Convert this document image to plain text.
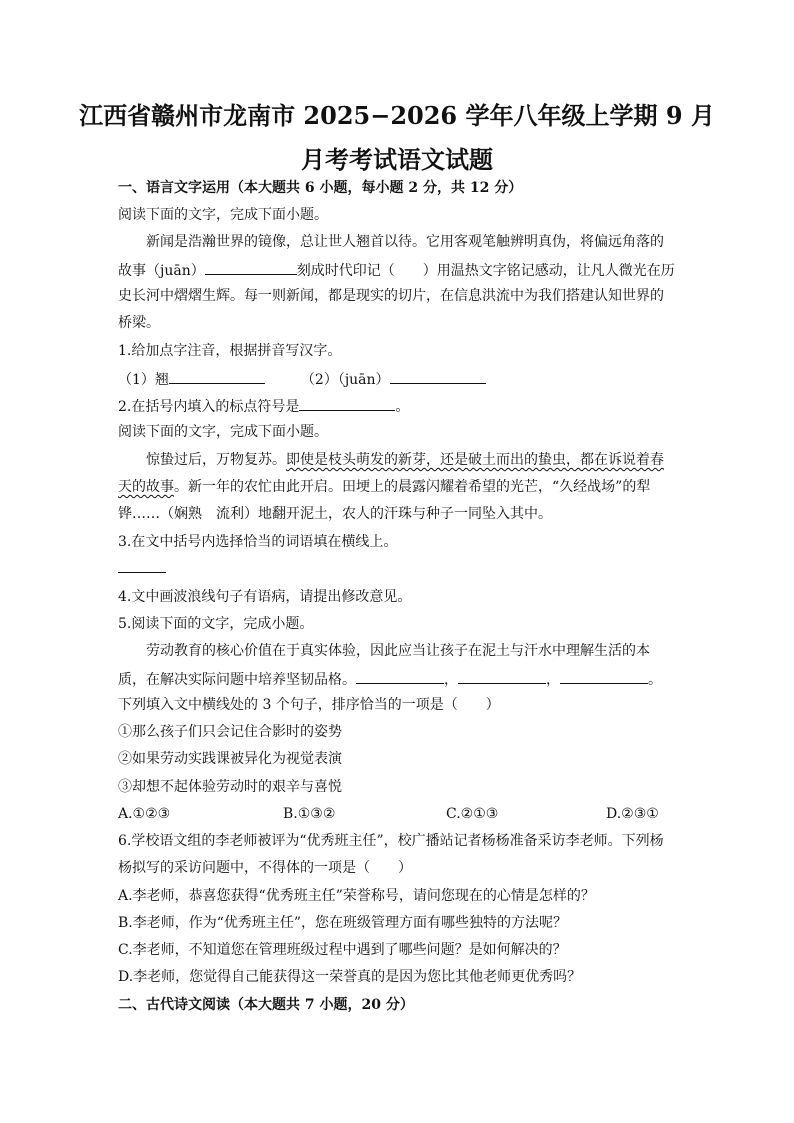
江西省赣州市龙南市 2025−2026 学年八年级上学期 9 月
月考考试语文试题
一、语言文字运用（本大题共 6 小题，每小题 2 分，共 12 分）
阅读下面的文字，完成下面小题。
新闻是浩瀚世界的镜像，总让世人翘首以待。它用客观笔触辨明真伪，将偏远角落的
故事（juān）	刻成时代印记（　　）用温热文字铭记感动，让凡人微光在历
史长河中熠熠生辉。每一则新闻，都是现实的切片，在信息洪流中为我们搭建认知世界的
桥梁。
1.给加点字注音，根据拼音写汉字。
（1）翘	（2）（juān）
2.在括号内填入的标点符号是	。
阅读下面的文字，完成下面小题。
惊蛰过后，万物复苏。即使是枝头萌发的新芽，还是破土而出的蛰虫，都在诉说着春
天的故事。新一年的农忙由此开启。田埂上的晨露闪耀着希望的光芒，“久经战场”的犁
铧……（娴熟　流利）地翻开泥土，农人的汗珠与种子一同坠入其中。
3.在文中括号内选择恰当的词语填在横线上。
4.文中画波浪线句子有语病，请提出修改意见。
5.阅读下面的文字，完成小题。
劳动教育的核心价值在于真实体验，因此应当让孩子在泥土与汗水中理解生活的本
质，在解决实际问题中培养坚韧品格。	，	，	。
下列填入文中横线处的 3 个句子，排序恰当的一项是（　　）
①那么孩子们只会记住合影时的姿势
②如果劳动实践课被异化为视觉表演
③却想不起体验劳动时的艰辛与喜悦
A.①②③	B.①③②	C.②①③	D.②③①
6.学校语文组的李老师被评为“优秀班主任”，校广播站记者杨杨准备采访李老师。下列杨
杨拟写的采访问题中，不得体的一项是（　　）
A.李老师，恭喜您获得“优秀班主任”荣誉称号，请问您现在的心情是怎样的？
B.李老师，作为“优秀班主任”，您在班级管理方面有哪些独特的方法呢？
C.李老师，不知道您在管理班级过程中遇到了哪些问题？是如何解决的？
D.李老师，您觉得自己能获得这一荣誉真的是因为您比其他老师更优秀吗？
二、古代诗文阅读（本大题共 7 小题，20 分）
